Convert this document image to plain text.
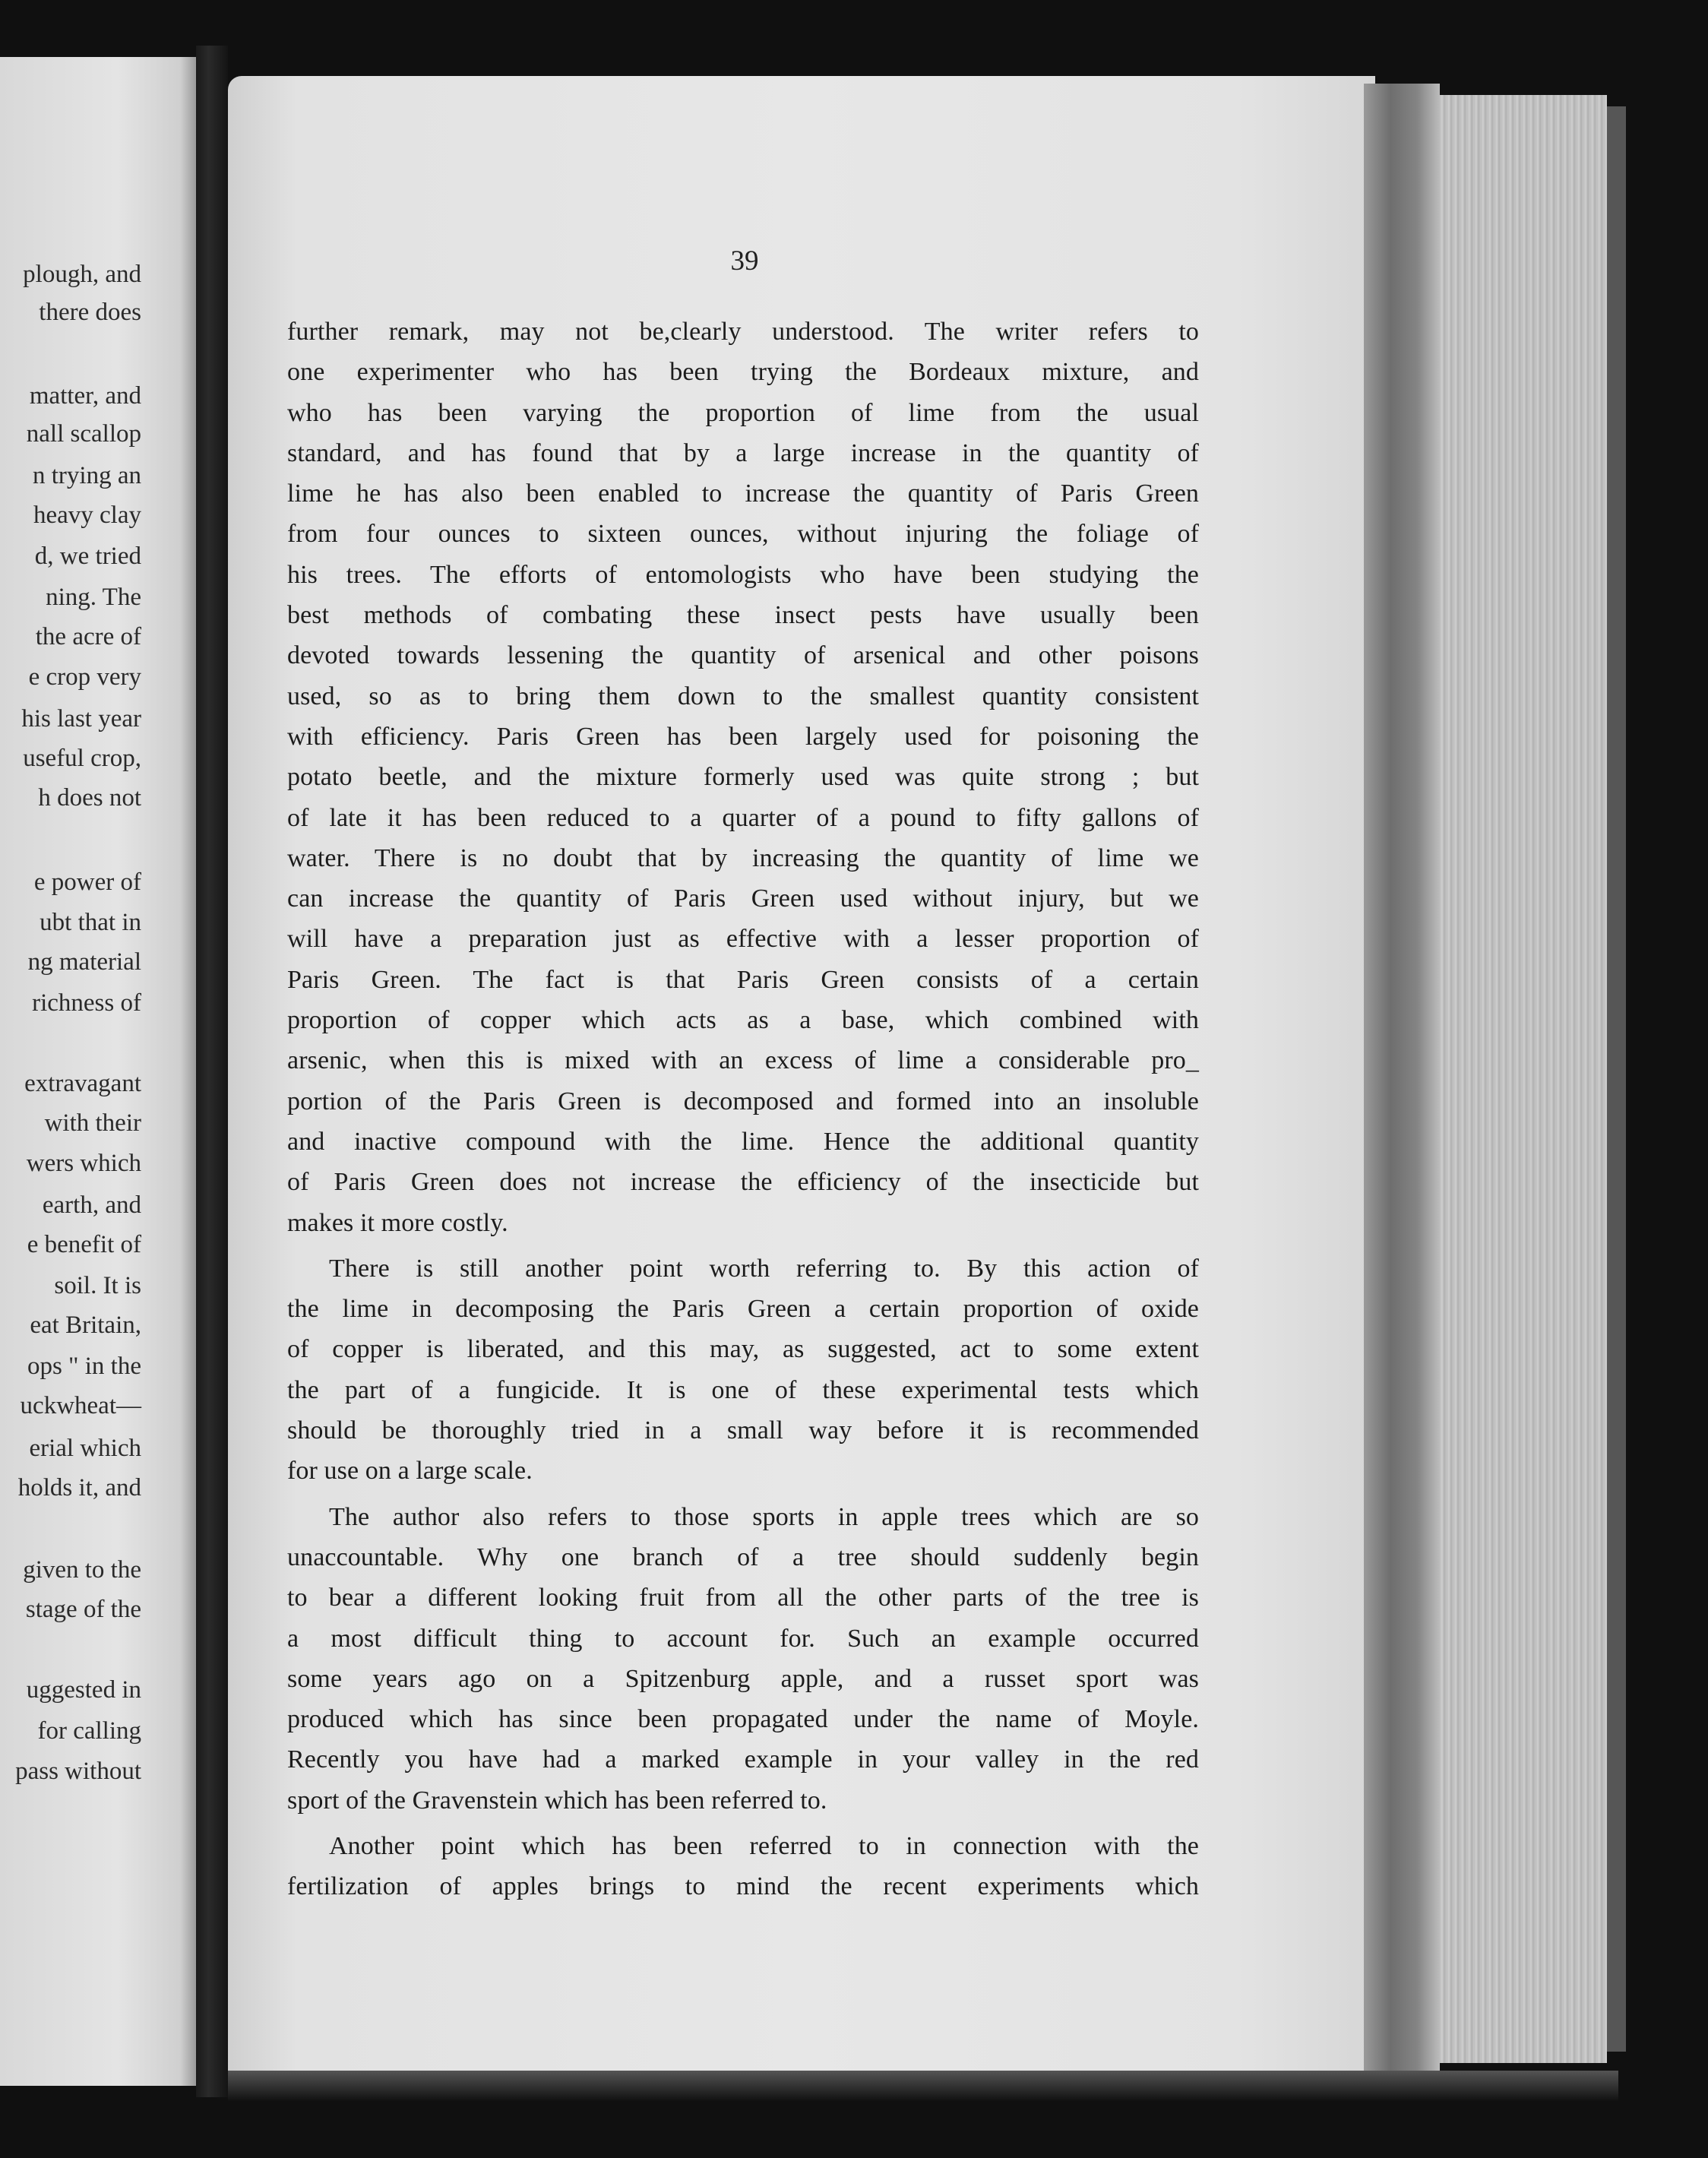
plough, and
there does
matter, and
nall scallop
n trying an
heavy clay
d, we tried
ning. The
the acre of
e crop very
his last year
useful crop,
h does not
e power of
ubt that in
ng material
richness of
extravagant
with their
wers which
earth, and
e benefit of
soil. It is
eat Britain,
ops " in the
uckwheat—
erial which
holds it, and
given to the
stage of the
uggested in
for calling
pass without
39
further remark, may not be,clearly understood. The writer refers to
one experimenter who has been trying the Bordeaux mixture, and
who has been varying the proportion of lime from the usual
standard, and has found that by a large increase in the quantity of
lime he has also been enabled to increase the quantity of Paris Green
from four ounces to sixteen ounces, without injuring the foliage of
his trees. The efforts of entomologists who have been studying the
best methods of combating these insect pests have usually been
devoted towards lessening the quantity of arsenical and other poisons
used, so as to bring them down to the smallest quantity consistent
with efficiency. Paris Green has been largely used for poisoning the
potato beetle, and the mixture formerly used was quite strong ; but
of late it has been reduced to a quarter of a pound to fifty gallons of
water. There is no doubt that by increasing the quantity of lime we
can increase the quantity of Paris Green used without injury, but we
will have a preparation just as effective with a lesser proportion of
Paris Green. The fact is that Paris Green consists of a certain
proportion of copper which acts as a base, which combined with
arsenic, when this is mixed with an excess of lime a considerable pro_
portion of the Paris Green is decomposed and formed into an insoluble
and inactive compound with the lime. Hence the additional quantity
of Paris Green does not increase the efficiency of the insecticide but
makes it more costly.
There is still another point worth referring to. By this action of
the lime in decomposing the Paris Green a certain proportion of oxide
of copper is liberated, and this may, as suggested, act to some extent
the part of a fungicide. It is one of these experimental tests which
should be thoroughly tried in a small way before it is recommended
for use on a large scale.
The author also refers to those sports in apple trees which are so
unaccountable. Why one branch of a tree should suddenly begin
to bear a different looking fruit from all the other parts of the tree is
a most difficult thing to account for. Such an example occurred
some years ago on a Spitzenburg apple, and a russet sport was
produced which has since been propagated under the name of Moyle.
Recently you have had a marked example in your valley in the red
sport of the Gravenstein which has been referred to.
Another point which has been referred to in connection with the
fertilization of apples brings to mind the recent experiments which
